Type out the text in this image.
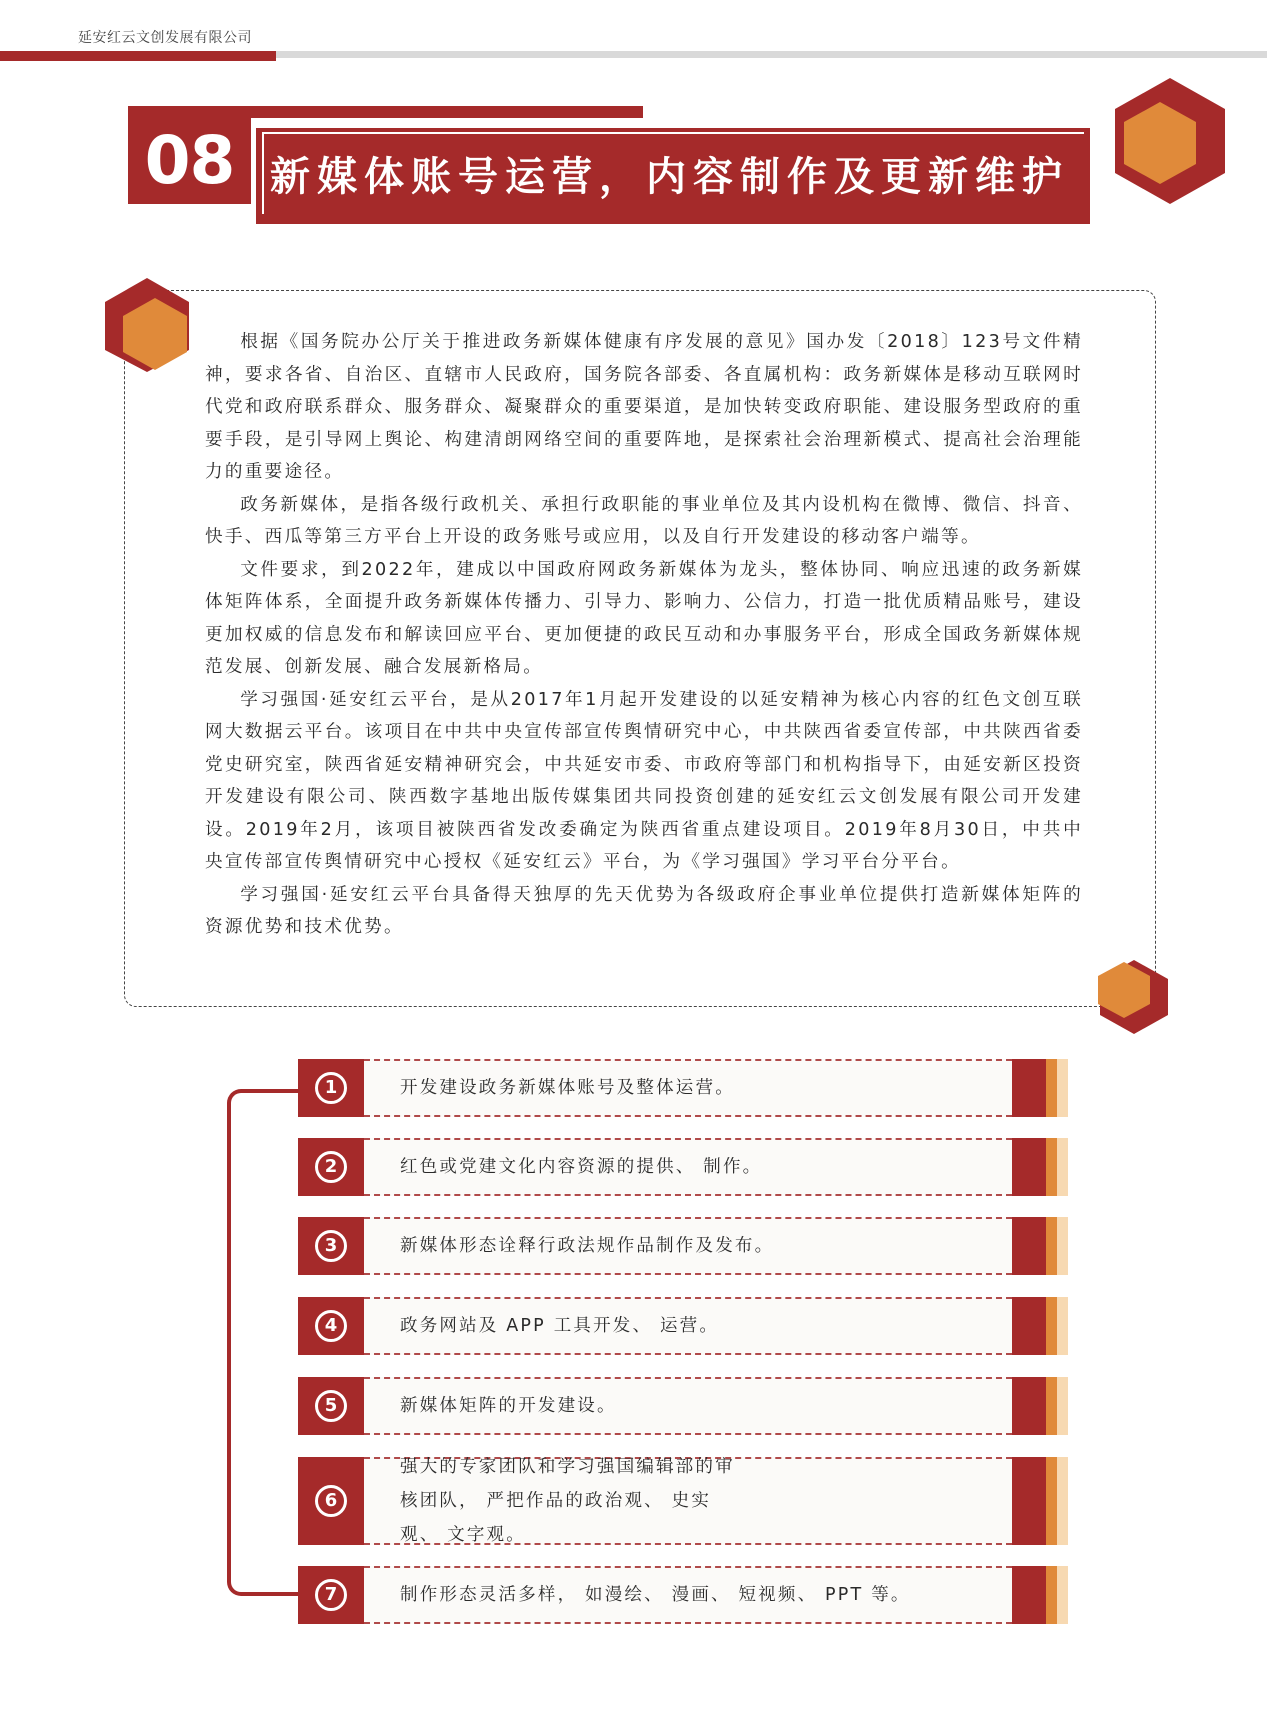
延安红云文创发展有限公司
08 新媒体账号运营，内容制作及更新维护

根据《国务院办公厅关于推进政务新媒体健康有序发展的意见》国办发〔2018〕123号文件精神，要求各省、自治区、直辖市人民政府，国务院各部委、各直属机构：政务新媒体是移动互联网时代党和政府联系群众、服务群众、凝聚群众的重要渠道，是加快转变政府职能、建设服务型政府的重要手段，是引导网上舆论、构建清朗网络空间的重要阵地，是探索社会治理新模式、提高社会治理能力的重要途径。

政务新媒体，是指各级行政机关、承担行政职能的事业单位及其内设机构在微博、微信、抖音、快手、西瓜等第三方平台上开设的政务账号或应用，以及自行开发建设的移动客户端等。

文件要求，到2022年，建成以中国政府网政务新媒体为龙头，整体协同、响应迅速的政务新媒体矩阵体系，全面提升政务新媒体传播力、引导力、影响力、公信力，打造一批优质精品账号，建设更加权威的信息发布和解读回应平台、更加便捷的政民互动和办事服务平台，形成全国政务新媒体规范发展、创新发展、融合发展新格局。

学习强国·延安红云平台，是从2017年1月起开发建设的以延安精神为核心内容的红色文创互联网大数据云平台。该项目在中共中央宣传部宣传舆情研究中心，中共陕西省委宣传部，中共陕西省委党史研究室，陕西省延安精神研究会，中共延安市委、市政府等部门和机构指导下，由延安新区投资开发建设有限公司、陕西数字基地出版传媒集团共同投资创建的延安红云文创发展有限公司开发建设。2019年2月，该项目被陕西省发改委确定为陕西省重点建设项目。2019年8月30日，中共中央宣传部宣传舆情研究中心授权《延安红云》平台，为《学习强国》学习平台分平台。

学习强国·延安红云平台具备得天独厚的先天优势为各级政府企事业单位提供打造新媒体矩阵的资源优势和技术优势。

1	开发建设政务新媒体账号及整体运营。
2	红色或党建文化内容资源的提供、 制作。
3	新媒体形态诠释行政法规作品制作及发布。
4	政务网站及 APP 工具开发、 运营。
5	新媒体矩阵的开发建设。
6
强大的专家团队和学习强国编辑部的审核团队， 严把作品的政治观、 史实观、 文字观。
7	制作形态灵活多样， 如漫绘、 漫画、 短视频、 PPT 等。
